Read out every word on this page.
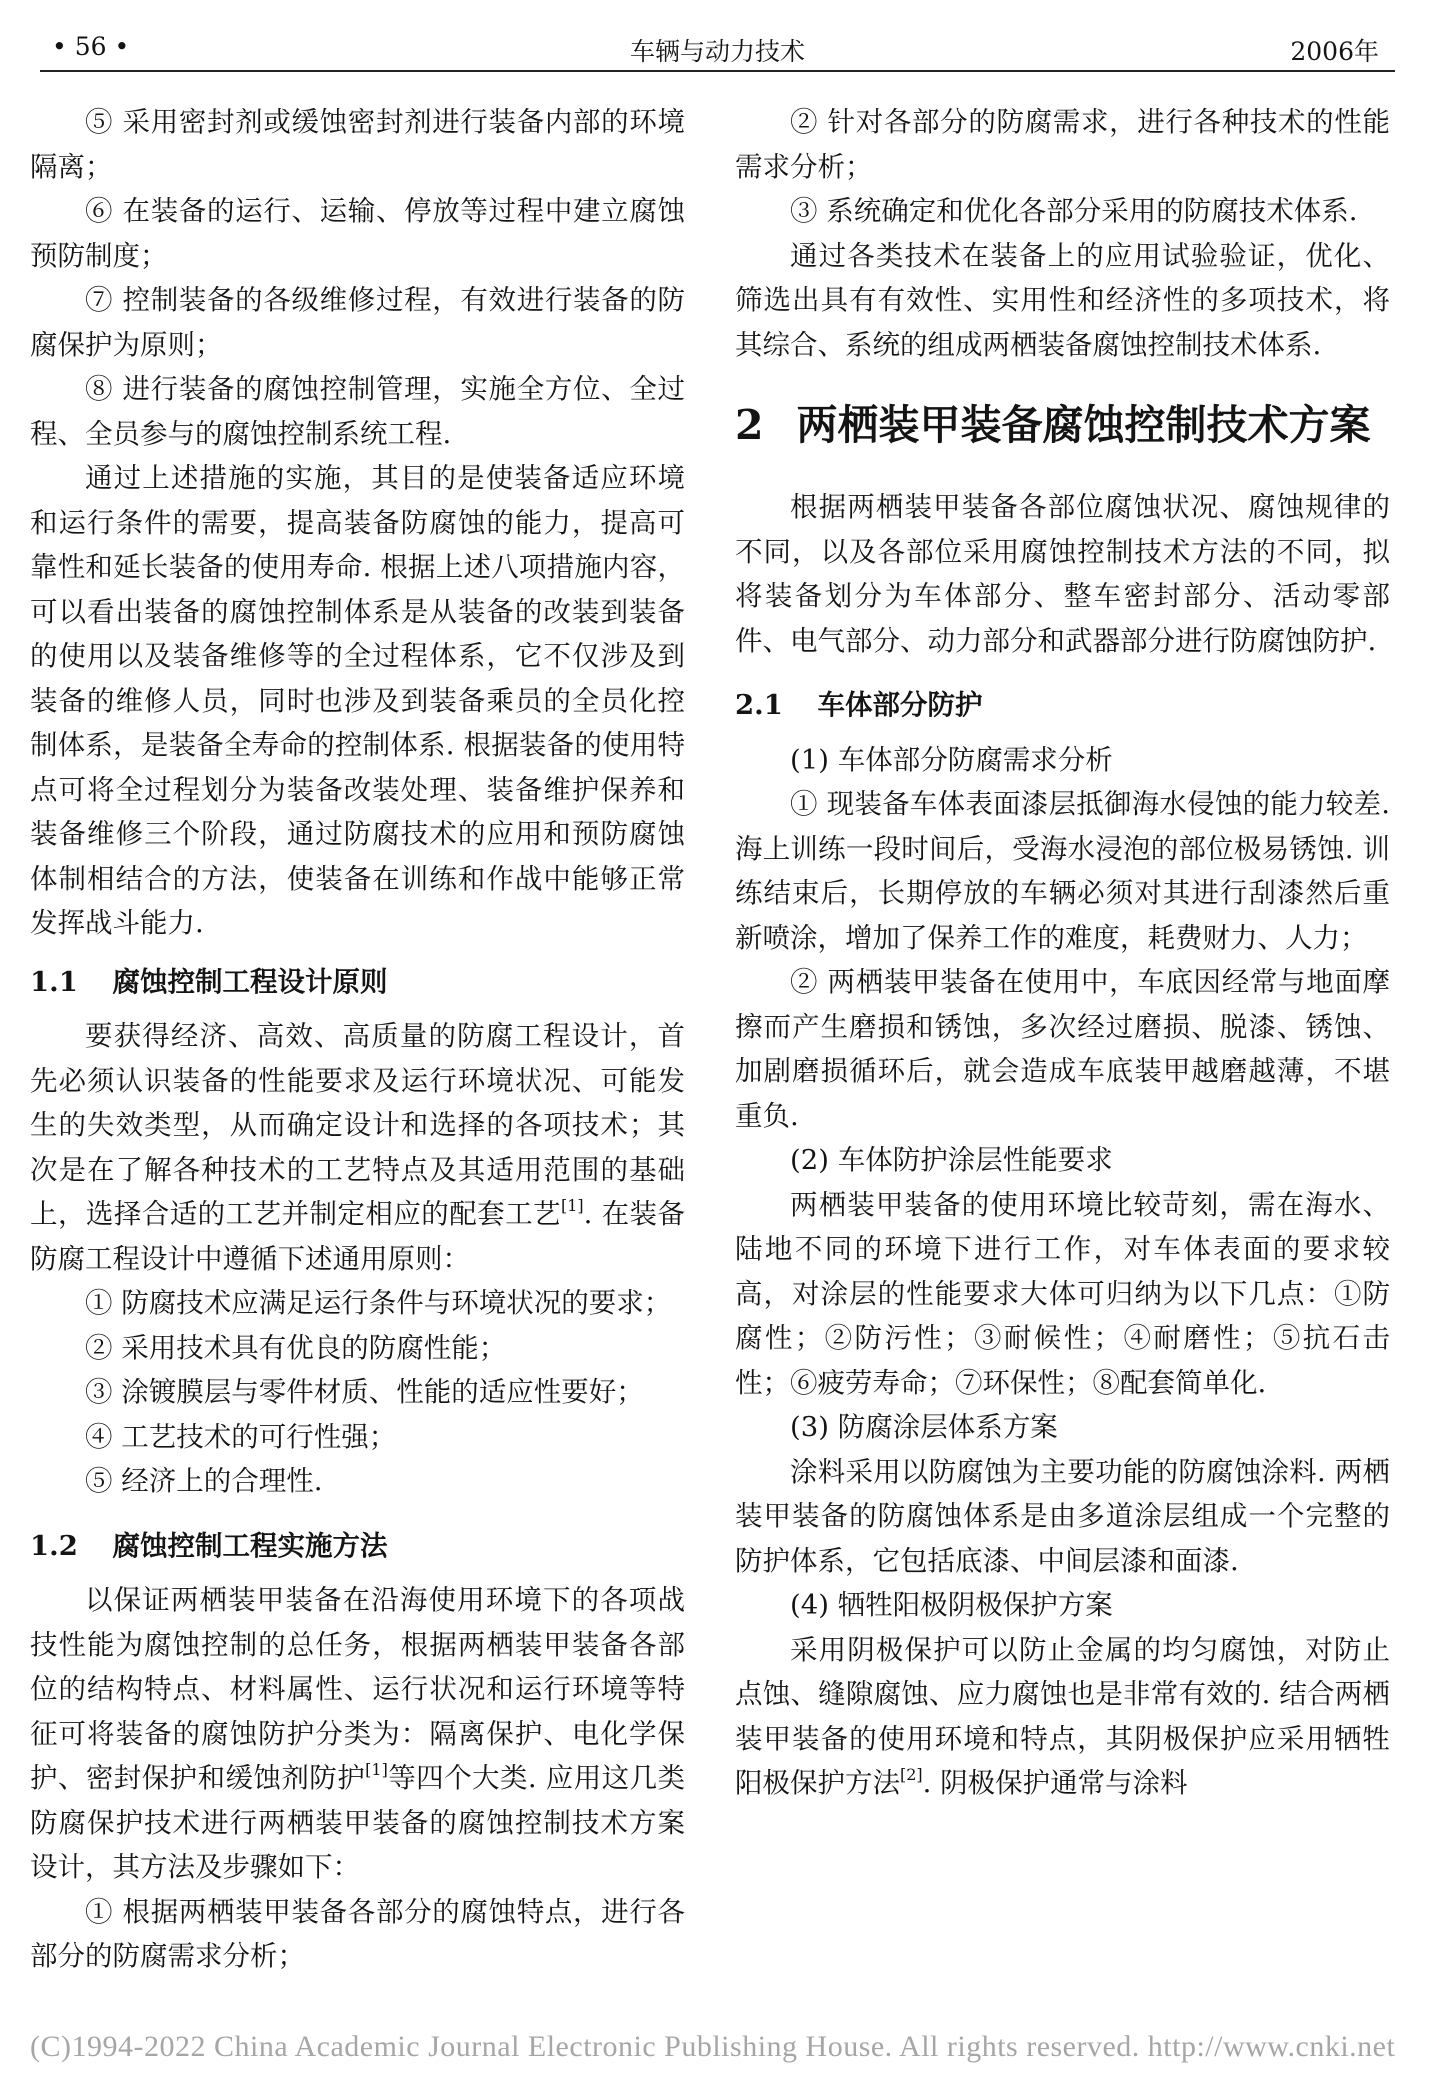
• 56 •	车辆与动力技术	2006年

⑤ 采用密封剂或缓蚀密封剂进行装备内部的环境隔离；

⑥ 在装备的运行、运输、停放等过程中建立腐蚀预防制度；

⑦ 控制装备的各级维修过程，有效进行装备的防腐保护为原则；

⑧ 进行装备的腐蚀控制管理，实施全方位、全过程、全员参与的腐蚀控制系统工程.

通过上述措施的实施，其目的是使装备适应环境和运行条件的需要，提高装备防腐蚀的能力，提高可靠性和延长装备的使用寿命. 根据上述八项措施内容，可以看出装备的腐蚀控制体系是从装备的改装到装备的使用以及装备维修等的全过程体系，它不仅涉及到装备的维修人员，同时也涉及到装备乘员的全员化控制体系，是装备全寿命的控制体系. 根据装备的使用特点可将全过程划分为装备改装处理、装备维护保养和装备维修三个阶段，通过防腐技术的应用和预防腐蚀体制相结合的方法，使装备在训练和作战中能够正常发挥战斗能力.

1.1 腐蚀控制工程设计原则

要获得经济、高效、高质量的防腐工程设计，首先必须认识装备的性能要求及运行环境状况、可能发生的失效类型，从而确定设计和选择的各项技术；其次是在了解各种技术的工艺特点及其适用范围的基础上，选择合适的工艺并制定相应的配套工艺[1]. 在装备防腐工程设计中遵循下述通用原则：

① 防腐技术应满足运行条件与环境状况的要求；

② 采用技术具有优良的防腐性能；

③ 涂镀膜层与零件材质、性能的适应性要好；

④ 工艺技术的可行性强；

⑤ 经济上的合理性.

1.2 腐蚀控制工程实施方法

以保证两栖装甲装备在沿海使用环境下的各项战技性能为腐蚀控制的总任务，根据两栖装甲装备各部位的结构特点、材料属性、运行状况和运行环境等特征可将装备的腐蚀防护分类为：隔离保护、电化学保护、密封保护和缓蚀剂防护[1]等四个大类. 应用这几类防腐保护技术进行两栖装甲装备的腐蚀控制技术方案设计，其方法及步骤如下：

① 根据两栖装甲装备各部分的腐蚀特点，进行各部分的防腐需求分析；

② 针对各部分的防腐需求，进行各种技术的性能需求分析；

③ 系统确定和优化各部分采用的防腐技术体系.

通过各类技术在装备上的应用试验验证，优化、筛选出具有有效性、实用性和经济性的多项技术，将其综合、系统的组成两栖装备腐蚀控制技术体系.

2 两栖装甲装备腐蚀控制技术方案

根据两栖装甲装备各部位腐蚀状况、腐蚀规律的不同，以及各部位采用腐蚀控制技术方法的不同，拟将装备划分为车体部分、整车密封部分、活动零部件、电气部分、动力部分和武器部分进行防腐蚀防护.

2.1 车体部分防护

(1) 车体部分防腐需求分析

① 现装备车体表面漆层抵御海水侵蚀的能力较差. 海上训练一段时间后，受海水浸泡的部位极易锈蚀. 训练结束后，长期停放的车辆必须对其进行刮漆然后重新喷涂，增加了保养工作的难度，耗费财力、人力；

② 两栖装甲装备在使用中，车底因经常与地面摩擦而产生磨损和锈蚀，多次经过磨损、脱漆、锈蚀、加剧磨损循环后，就会造成车底装甲越磨越薄，不堪重负.

(2) 车体防护涂层性能要求

两栖装甲装备的使用环境比较苛刻，需在海水、陆地不同的环境下进行工作，对车体表面的要求较高，对涂层的性能要求大体可归纳为以下几点：①防腐性；②防污性；③耐候性；④耐磨性；⑤抗石击性；⑥疲劳寿命；⑦环保性；⑧配套简单化.

(3) 防腐涂层体系方案

涂料采用以防腐蚀为主要功能的防腐蚀涂料. 两栖装甲装备的防腐蚀体系是由多道涂层组成一个完整的防护体系，它包括底漆、中间层漆和面漆.

(4) 牺牲阳极阴极保护方案

采用阴极保护可以防止金属的均匀腐蚀，对防止点蚀、缝隙腐蚀、应力腐蚀也是非常有效的. 结合两栖装甲装备的使用环境和特点，其阴极保护应采用牺牲阳极保护方法[2]. 阴极保护通常与涂料

(C)1994-2022 China Academic Journal Electronic Publishing House. All rights reserved. http://www.cnki.net
